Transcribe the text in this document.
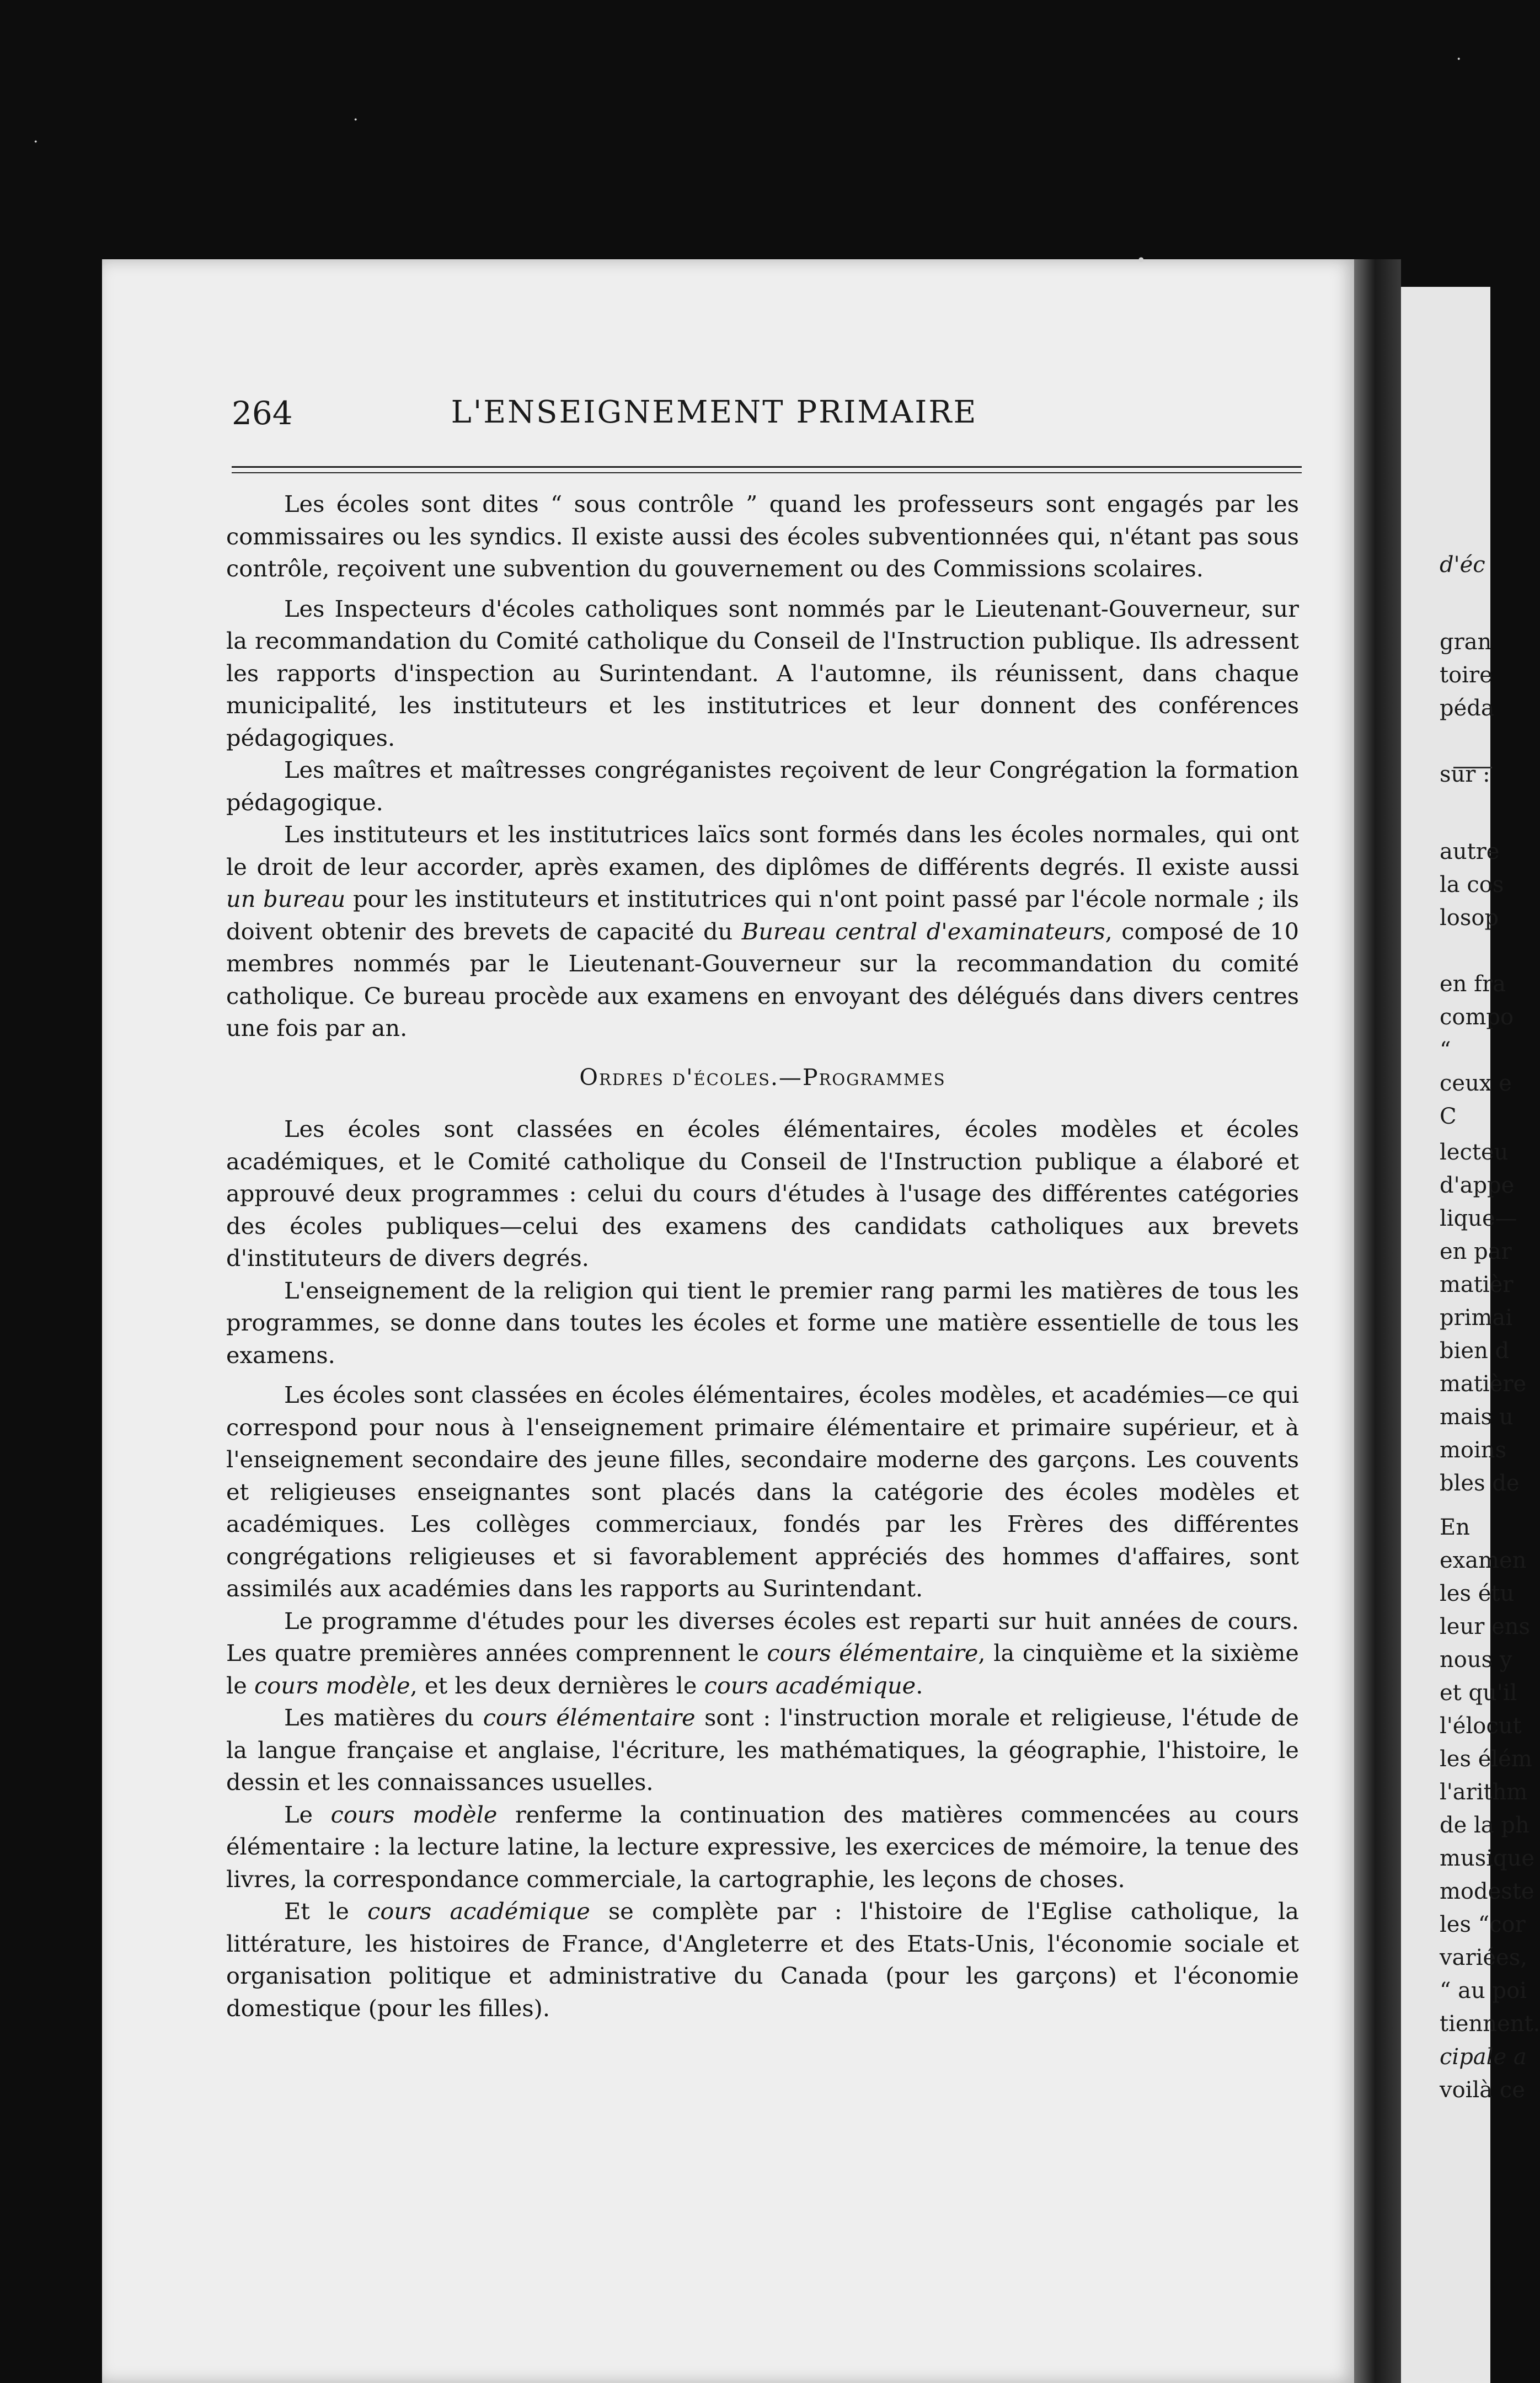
d'éc
gran
toire
péda
sur :
autre
la cos
losop
en fra
compo
“
ceux e
C
lecteu
d'appe
lique—
en par
matièr
primai
bien d
matière
mais u
moins
bles de
En
examen
les étu
leur ens
nous y
et qu'il
l'élocut
les élém
l'arithm
de la ph
musique
modeste
les “cor
variées,
“ au poi
tiennent.
cipale a
voilà ce
264	L'ENSEIGNEMENT PRIMAIRE

Les écoles sont dites “ sous contrôle ” quand les professeurs sont engagés par les commissaires ou les syndics. Il existe aussi des écoles subventionnées qui, n'étant pas sous contrôle, reçoivent une subvention du gouvernement ou des Commissions scolaires.

Les Inspecteurs d'écoles catholiques sont nommés par le Lieutenant-Gouverneur, sur la recommandation du Comité catholique du Conseil de l'Instruction publique. Ils adressent les rapports d'inspection au Surintendant. A l'automne, ils réunissent, dans chaque municipalité, les instituteurs et les institutrices et leur donnent des conférences pédagogiques.

Les maîtres et maîtresses congréganistes reçoivent de leur Congrégation la formation pédagogique.

Les instituteurs et les institutrices laïcs sont formés dans les écoles normales, qui ont le droit de leur accorder, après examen, des diplômes de différents degrés. Il existe aussi un bureau pour les instituteurs et institutrices qui n'ont point passé par l'école normale ; ils doivent obtenir des brevets de capacité du Bureau central d'examinateurs, composé de 10 membres nommés par le Lieutenant-Gouverneur sur la recommandation du comité catholique. Ce bureau procède aux examens en envoyant des délégués dans divers centres une fois par an.

Ordres d'écoles.—Programmes

Les écoles sont classées en écoles élémentaires, écoles modèles et écoles académiques, et le Comité catholique du Conseil de l'Instruction publique a élaboré et approuvé deux programmes : celui du cours d'études à l'usage des différentes catégories des écoles publiques—celui des examens des candidats catholiques aux brevets d'instituteurs de divers degrés.

L'enseignement de la religion qui tient le premier rang parmi les matières de tous les programmes, se donne dans toutes les écoles et forme une matière essentielle de tous les examens.

Les écoles sont classées en écoles élémentaires, écoles modèles, et académies—ce qui correspond pour nous à l'enseignement primaire élémentaire et primaire supérieur, et à l'enseignement secondaire des jeune filles, secondaire moderne des garçons. Les couvents et religieuses enseignantes sont placés dans la catégorie des écoles modèles et académiques. Les collèges commerciaux, fondés par les Frères des différentes congrégations religieuses et si favorablement appréciés des hommes d'affaires, sont assimilés aux académies dans les rapports au Surintendant.

Le programme d'études pour les diverses écoles est reparti sur huit années de cours. Les quatre premières années comprennent le cours élémentaire, la cinquième et la sixième le cours modèle, et les deux dernières le cours académique.

Les matières du cours élémentaire sont : l'instruction morale et religieuse, l'étude de la langue française et anglaise, l'écriture, les mathématiques, la géographie, l'histoire, le dessin et les connaissances usuelles.

Le cours modèle renferme la continuation des matières commencées au cours élémentaire : la lecture latine, la lecture expressive, les exercices de mémoire, la tenue des livres, la correspondance commerciale, la cartographie, les leçons de choses.

Et le cours académique se complète par : l'histoire de l'Eglise catholique, la littérature, les histoires de France, d'Angleterre et des Etats-Unis, l'économie sociale et organisation politique et administrative du Canada (pour les garçons) et l'économie domestique (pour les filles).

·
·
•
·
